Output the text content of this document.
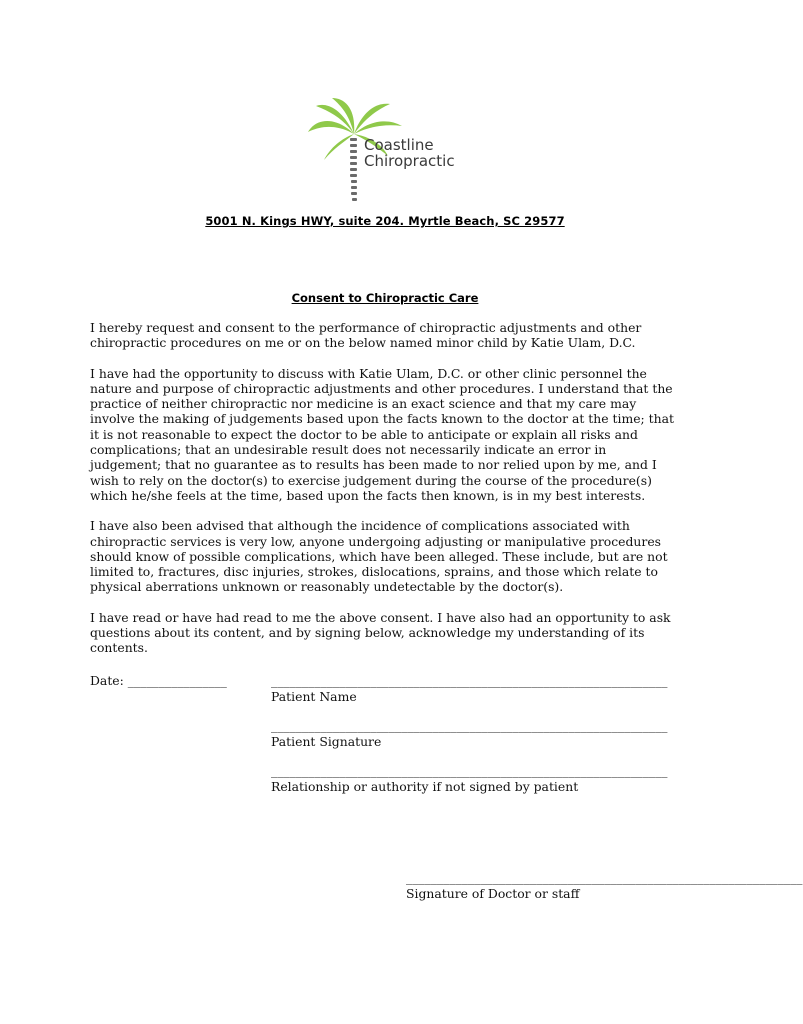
Coastline
Chiropractic
5001 N. Kings HWY, suite 204. Myrtle Beach, SC 29577
Consent to Chiropractic Care

I hereby request and consent to the performance of chiropractic adjustments and other chiropractic procedures on me or on the below named minor child by Katie Ulam, D.C.

I have had the opportunity to discuss with Katie Ulam, D.C. or other clinic personnel the nature and purpose of chiropractic adjustments and other procedures. I understand that the practice of neither chiropractic nor medicine is an exact science and that my care may involve the making of judgements based upon the facts known to the doctor at the time; that it is not reasonable to expect the doctor to be able to anticipate or explain all risks and complications; that an undesirable result does not necessarily indicate an error in judgement; that no guarantee as to results has been made to nor relied upon by me, and I wish to rely on the doctor(s) to exercise judgement during the course of the procedure(s) which he/she feels at the time, based upon the facts then known, is in my best interests.

I have also been advised that although the incidence of complications associated with chiropractic services is very low, anyone undergoing adjusting or manipulative procedures should know of possible complications, which have been alleged. These include, but are not limited to, fractures, disc injuries, strokes, dislocations, sprains, and those which relate to physical aberrations unknown or reasonably undetectable by the doctor(s).

I have read or have had read to me the above consent. I have also had an opportunity to ask questions about its content, and by signing below, acknowledge my understanding of its contents.

Date: ________________	________________________________________________________________
Patient Name
________________________________________________________________
Patient Signature
________________________________________________________________
Relationship or authority if not signed by patient
________________________________________________________________
Signature of Doctor or staff
